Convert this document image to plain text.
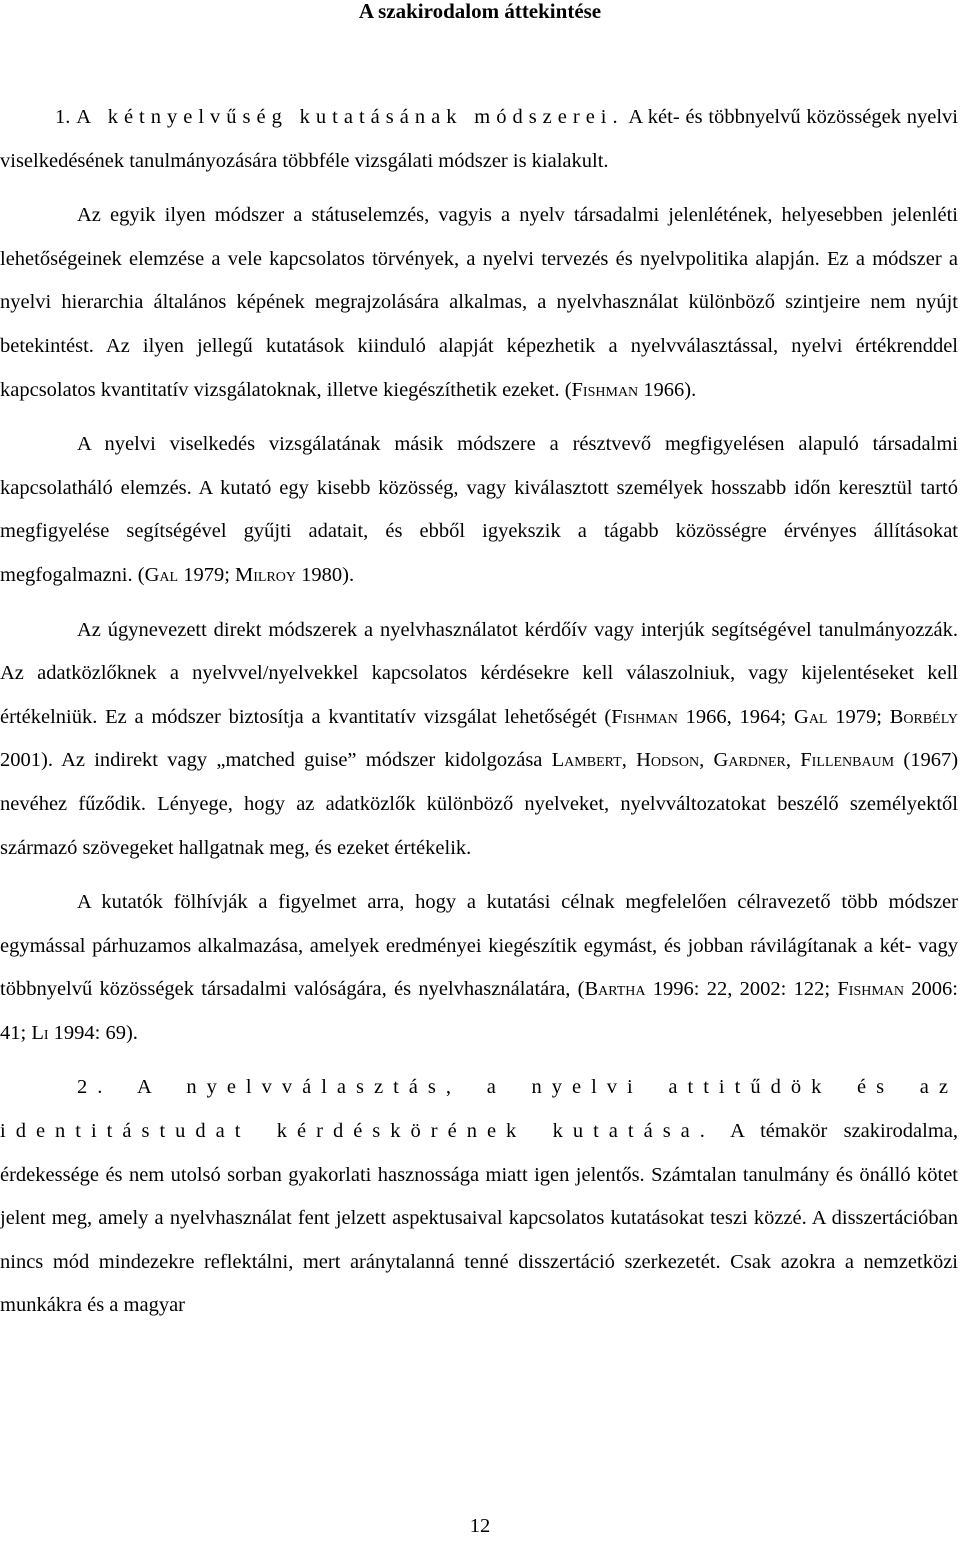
A szakirodalom áttekintése

1. A kétnyelvűség kutatásának módszerei. A két- és többnyelvű közösségek nyelvi viselkedésének tanulmányozására többféle vizsgálati módszer is kialakult.

Az egyik ilyen módszer a státuselemzés, vagyis a nyelv társadalmi jelenlétének, helyesebben jelenléti lehetőségeinek elemzése a vele kapcsolatos törvények, a nyelvi tervezés és nyelvpolitika alapján. Ez a módszer a nyelvi hierarchia általános képének megrajzolására alkalmas, a nyelvhasználat különböző szintjeire nem nyújt betekintést. Az ilyen jellegű kutatások kiinduló alapját képezhetik a nyelvválasztással, nyelvi értékrenddel kapcsolatos kvantitatív vizsgálatoknak, illetve kiegészíthetik ezeket. (Fishman 1966).

A nyelvi viselkedés vizsgálatának másik módszere a résztvevő megfigyelésen alapuló társadalmi kapcsolatháló elemzés. A kutató egy kisebb közösség, vagy kiválasztott személyek hosszabb időn keresztül tartó megfigyelése segítségével gyűjti adatait, és ebből igyekszik a tágabb közösségre érvényes állításokat megfogalmazni. (Gal 1979; Milroy 1980).

Az úgynevezett direkt módszerek a nyelvhasználatot kérdőív vagy interjúk segítségével tanulmányozzák. Az adatközlőknek a nyelvvel/nyelvekkel kapcsolatos kérdésekre kell válaszolniuk, vagy kijelentéseket kell értékelniük. Ez a módszer biztosítja a kvantitatív vizsgálat lehetőségét (Fishman 1966, 1964; Gal 1979; Borbély 2001). Az indirekt vagy „matched guise” módszer kidolgozása Lambert, Hodson, Gardner, Fillenbaum (1967) nevéhez fűződik. Lényege, hogy az adatközlők különböző nyelveket, nyelvváltozatokat beszélő személyektől származó szövegeket hallgatnak meg, és ezeket értékelik.

A kutatók fölhívják a figyelmet arra, hogy a kutatási célnak megfelelően célravezető több módszer egymással párhuzamos alkalmazása, amelyek eredményei kiegészítik egymást, és jobban rávilágítanak a két- vagy többnyelvű közösségek társadalmi valóságára, és nyelvhasználatára, (Bartha 1996: 22, 2002: 122; Fishman 2006: 41; Li 1994: 69).

2. A nyelvválasztás, a nyelvi attitűdök és az identitástudat kérdéskörének kutatása. A témakör szakirodalma, érdekessége és nem utolsó sorban gyakorlati hasznossága miatt igen jelentős. Számtalan tanulmány és önálló kötet jelent meg, amely a nyelvhasználat fent jelzett aspektusaival kapcsolatos kutatásokat teszi közzé. A disszertációban nincs mód mindezekre reflektálni, mert aránytalanná tenné disszertáció szerkezetét. Csak azokra a nemzetközi munkákra és a magyar

12
